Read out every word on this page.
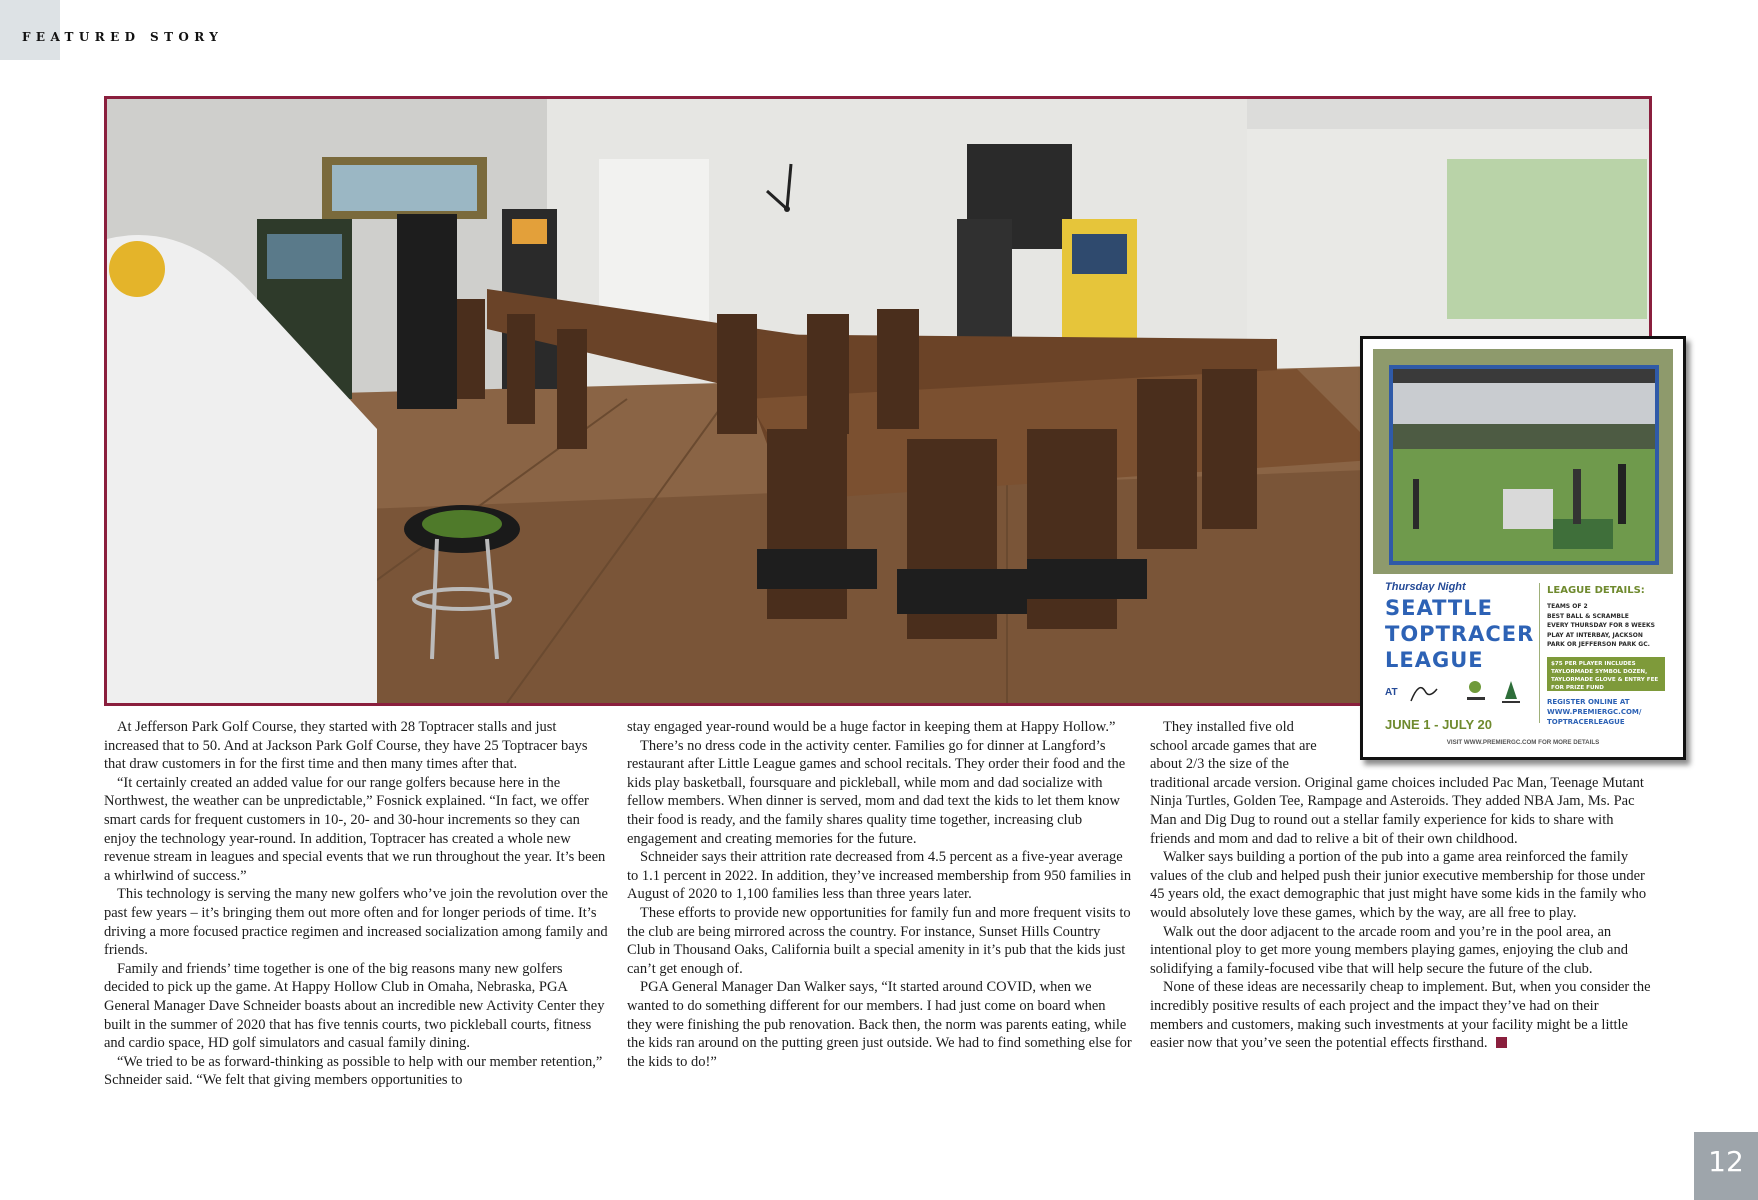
FEATURED STORY
Thursday Night
SEATTLE
TOPTRACER
LEAGUE
AT
JUNE 1 - JULY 20
LEAGUE DETAILS:
TEAMS OF 2
BEST BALL & SCRAMBLE
EVERY THURSDAY FOR 8 WEEKS
PLAY AT INTERBAY, JACKSON
PARK OR JEFFERSON PARK GC.
$75 PER PLAYER INCLUDES TAYLORMADE SYMBOL DOZEN, TAYLORMADE GLOVE & ENTRY FEE FOR PRIZE FUND
REGISTER ONLINE AT WWW.PREMIERGC.COM/ TOPTRACERLEAGUE
VISIT WWW.PREMIERGC.COM FOR MORE DETAILS

At Jefferson Park Golf Course, they started with 28 Toptracer stalls and just increased that to 50. And at Jackson Park Golf Course, they have 25 Toptracer bays that draw customers in for the first time and then many times after that.

“It certainly created an added value for our range golfers because here in the Northwest, the weather can be unpredictable,” Fosnick explained. “In fact, we offer smart cards for frequent customers in 10-, 20- and 30-hour increments so they can enjoy the technology year-round. In addition, Toptracer has created a whole new revenue stream in leagues and special events that we run throughout the year. It’s been a whirlwind of success.”

This technology is serving the many new golfers who’ve join the revolution over the past few years – it’s bringing them out more often and for longer periods of time. It’s driving a more focused practice regimen and increased socialization among family and friends.

Family and friends’ time together is one of the big reasons many new golfers decided to pick up the game. At Happy Hollow Club in Omaha, Nebraska, PGA General Manager Dave Schneider boasts about an incredible new Activity Center they built in the summer of 2020 that has five tennis courts, two pickleball courts, fitness and cardio space, HD golf simulators and casual family dining.

“We tried to be as forward-thinking as possible to help with our member retention,” Schneider said. “We felt that giving members opportunities to

stay engaged year-round would be a huge factor in keeping them at Happy Hollow.”

There’s no dress code in the activity center. Families go for dinner at Langford’s restaurant after Little League games and school recitals. They order their food and the kids play basketball, foursquare and pickleball, while mom and dad socialize with fellow members. When dinner is served, mom and dad text the kids to let them know their food is ready, and the family shares quality time together, increasing club engagement and creating memories for the future.

Schneider says their attrition rate decreased from 4.5 percent as a five-year average to 1.1 percent in 2022. In addition, they’ve increased membership from 950 families in August of 2020 to 1,100 families less than three years later.

These efforts to provide new opportunities for family fun and more frequent visits to the club are being mirrored across the country. For instance, Sunset Hills Country Club in Thousand Oaks, California built a special amenity in it’s pub that the kids just can’t get enough of.

PGA General Manager Dan Walker says, “It started around COVID, when we wanted to do something different for our members. I had just come on board when they were finishing the pub renovation. Back then, the norm was parents eating, while the kids ran around on the putting green just outside. We had to find something else for the kids to do!”

They installed five old
school arcade games that are
about 2/3 the size of the

traditional arcade version. Original game choices included Pac Man, Teenage Mutant Ninja Turtles, Golden Tee, Rampage and Asteroids. They added NBA Jam, Ms. Pac Man and Dig Dug to round out a stellar family experience for kids to share with friends and mom and dad to relive a bit of their own childhood.

Walker says building a portion of the pub into a game area reinforced the family values of the club and helped push their junior executive membership for those under 45 years old, the exact demographic that just might have some kids in the family who would absolutely love these games, which by the way, are all free to play.

Walk out the door adjacent to the arcade room and you’re in the pool area, an intentional ploy to get more young members playing games, enjoying the club and solidifying a family-focused vibe that will help secure the future of the club.

None of these ideas are necessarily cheap to implement. But, when you consider the incredibly positive results of each project and the impact they’ve had on their members and customers, making such investments at your facility might be a little easier now that you’ve seen the potential effects firsthand.

12
